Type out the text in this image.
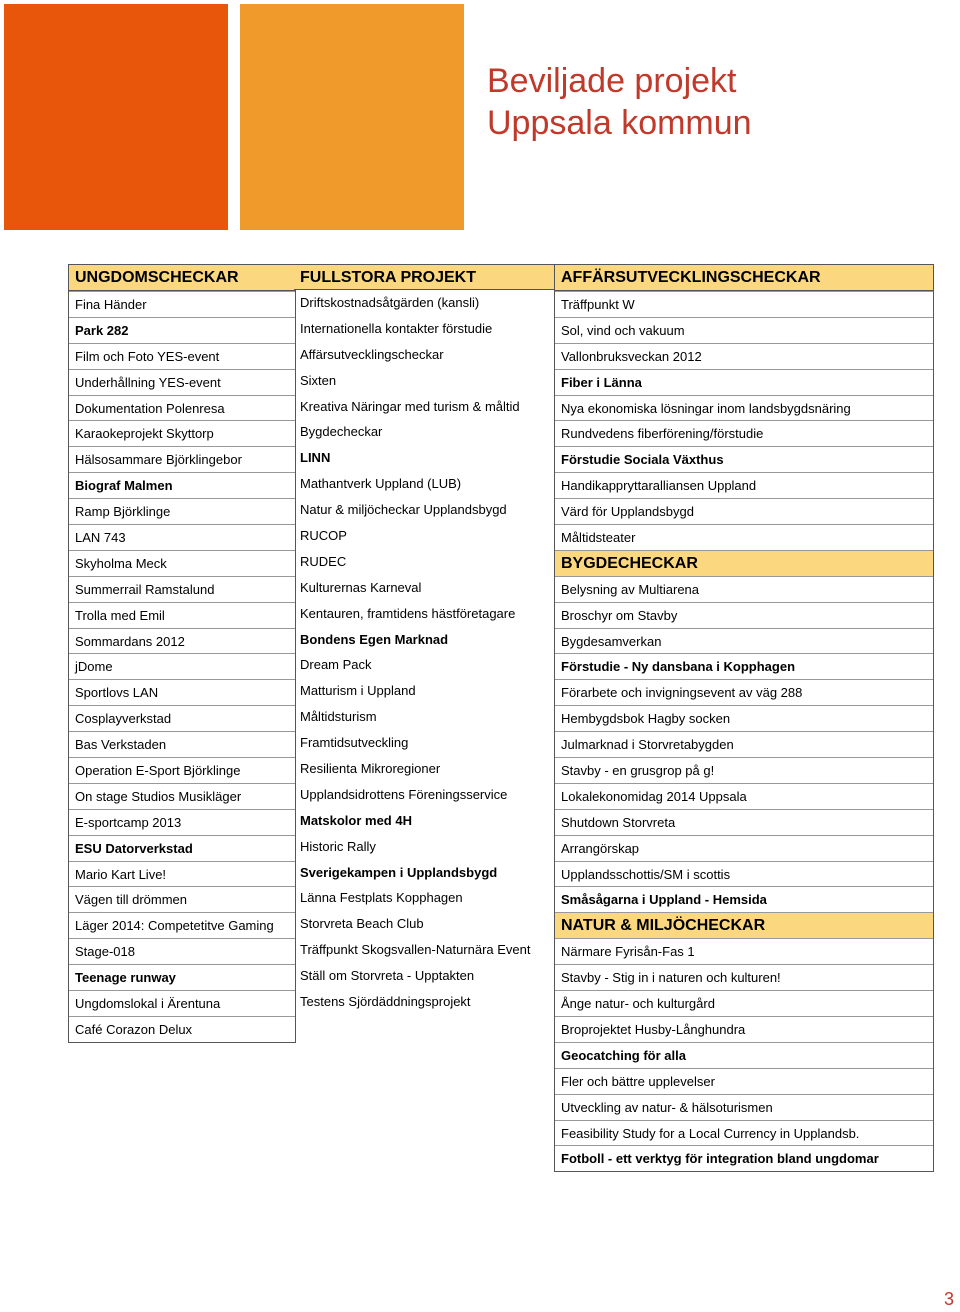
Beviljade projekt
Uppsala kommun
UNGDOMSCHECKAR
Fina Händer
Park 282
Film och Foto YES-event
Underhållning YES-event
Dokumentation Polenresa
Karaokeprojekt Skyttorp
Hälsosammare Björklingebor
Biograf Malmen
Ramp Björklinge
LAN 743
Skyholma Meck
Summerrail Ramstalund
Trolla med Emil
Sommardans 2012
jDome
Sportlovs LAN
Cosplayverkstad
Bas Verkstaden
Operation E-Sport Björklinge
On stage Studios Musikläger
E-sportcamp 2013
ESU Datorverkstad
Mario Kart Live!
Vägen till drömmen
Läger 2014: Competetitve Gaming
Stage-018
Teenage runway
Ungdomslokal i Ärentuna
Café Corazon Delux
FULLSTORA PROJEKT
Driftskostnadsåtgärden (kansli)
Internationella kontakter förstudie
Affärsutvecklingscheckar
Sixten
Kreativa Näringar med turism & måltid
Bygdecheckar
LINN
Mathantverk Uppland (LUB)
Natur & miljöcheckar Upplandsbygd
RUCOP
RUDEC
Kulturernas Karneval
Kentauren, framtidens hästföretagare
Bondens Egen Marknad
Dream Pack
Matturism i Uppland
Måltidsturism
Framtidsutveckling
Resilienta Mikroregioner
Upplandsidrottens Föreningsservice
Matskolor med 4H
Historic Rally
Sverigekampen i Upplandsbygd
Länna Festplats Kopphagen
Storvreta Beach Club
Träffpunkt Skogsvallen-Naturnära Event
Ställ om Storvreta - Upptakten
Testens Sjördäddningsprojekt
AFFÄRSUTVECKLINGSCHECKAR
Träffpunkt W
Sol, vind och vakuum
Vallonbruksveckan 2012
Fiber i Länna
Nya ekonomiska lösningar inom landsbygdsnäring
Rundvedens fiberförening/förstudie
Förstudie Sociala Växthus
Handikappryttaralliansen Uppland
Värd för Upplandsbygd
Måltidsteater
BYGDECHECKAR
Belysning av Multiarena
Broschyr om Stavby
Bygdesamverkan
Förstudie - Ny dansbana i Kopphagen
Förarbete och invigningsevent av väg 288
Hembygdsbok Hagby socken
Julmarknad i Storvretabygden
Stavby - en grusgrop på g!
Lokalekonomidag 2014 Uppsala
Shutdown Storvreta
Arrangörskap
Upplandsschottis/SM i scottis
Småsågarna i Uppland - Hemsida
NATUR & MILJÖCHECKAR
Närmare Fyrisån-Fas 1
Stavby - Stig in i naturen och kulturen!
Ånge natur- och kulturgård
Broprojektet Husby-Långhundra
Geocatching för alla
Fler och bättre upplevelser
Utveckling av natur- & hälsoturismen
Feasibility Study for a Local Currency in Upplandsb.
Fotboll - ett verktyg för integration bland ungdomar
3
